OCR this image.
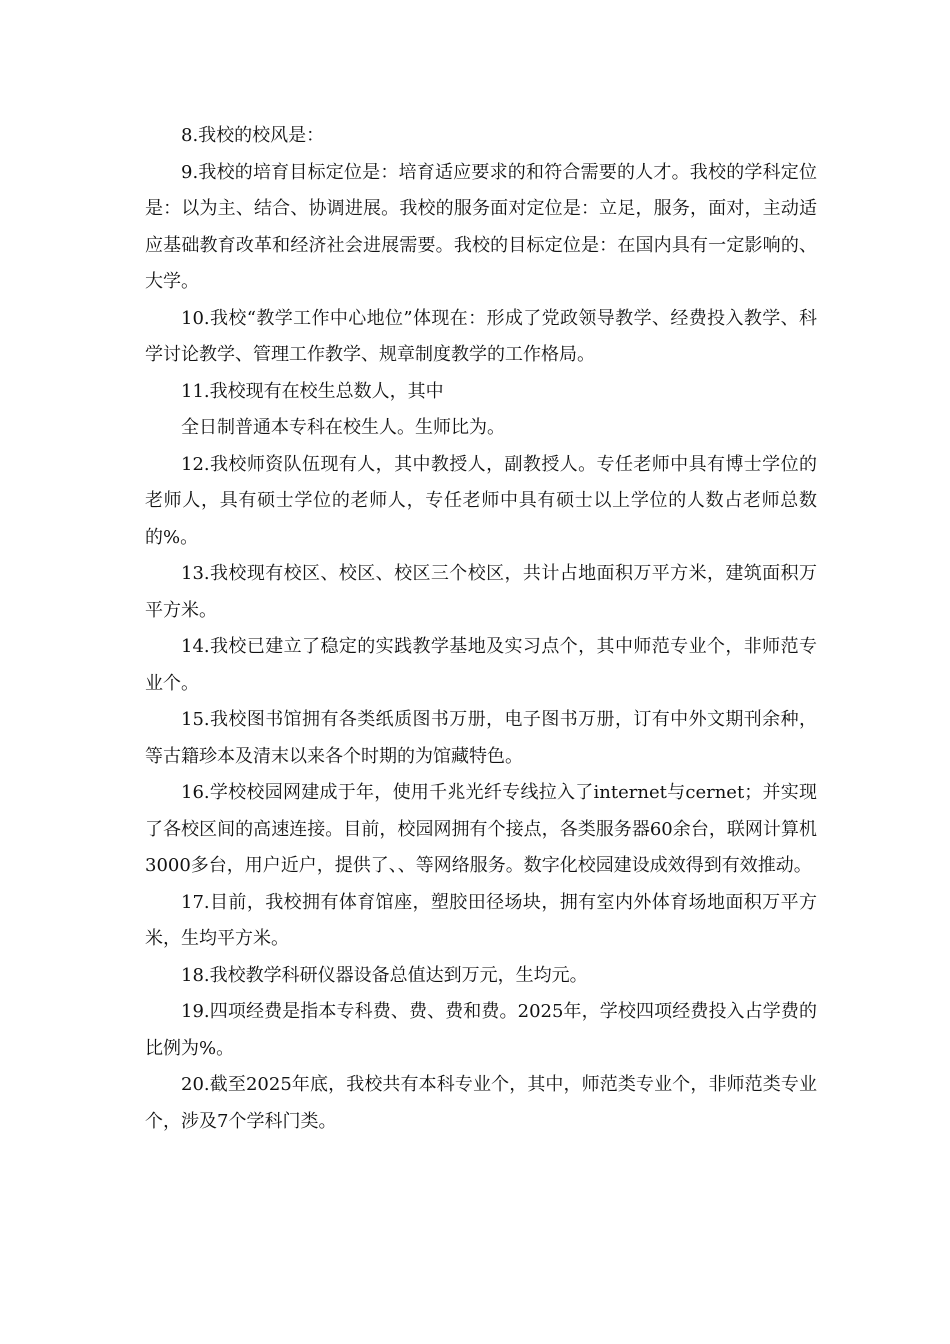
8.我校的校风是：

9.我校的培育目标定位是：培育适应要求的和符合需要的人才。我校的学科定位是：以为主、结合、协调进展。我校的服务面对定位是：立足，服务，面对，主动适应基础教育改革和经济社会进展需要。我校的目标定位是：在国内具有一定影响的、大学。

10.我校“教学工作中心地位”体现在：形成了党政领导教学、经费投入教学、科学讨论教学、管理工作教学、规章制度教学的工作格局。

11.我校现有在校生总数人，其中

全日制普通本专科在校生人。生师比为。

12.我校师资队伍现有人，其中教授人，副教授人。专任老师中具有博士学位的老师人，具有硕士学位的老师人，专任老师中具有硕士以上学位的人数占老师总数的%。

13.我校现有校区、校区、校区三个校区，共计占地面积万平方米，建筑面积万平方米。

14.我校已建立了稳定的实践教学基地及实习点个，其中师范专业个，非师范专业个。

15.我校图书馆拥有各类纸质图书万册，电子图书万册，订有中外文期刊余种，等古籍珍本及清末以来各个时期的为馆藏特色。

16.学校校园网建成于年，使用千兆光纤专线拉入了internet与cernet；并实现了各校区间的高速连接。目前，校园网拥有个接点，各类服务器60余台，联网计算机3000多台，用户近户，提供了、、等网络服务。数字化校园建设成效得到有效推动。

17.目前，我校拥有体育馆座，塑胶田径场块，拥有室内外体育场地面积万平方米，生均平方米。

18.我校教学科研仪器设备总值达到万元，生均元。

19.四项经费是指本专科费、费、费和费。2025年，学校四项经费投入占学费的比例为%。

20.截至2025年底，我校共有本科专业个，其中，师范类专业个，非师范类专业个，涉及7个学科门类。
